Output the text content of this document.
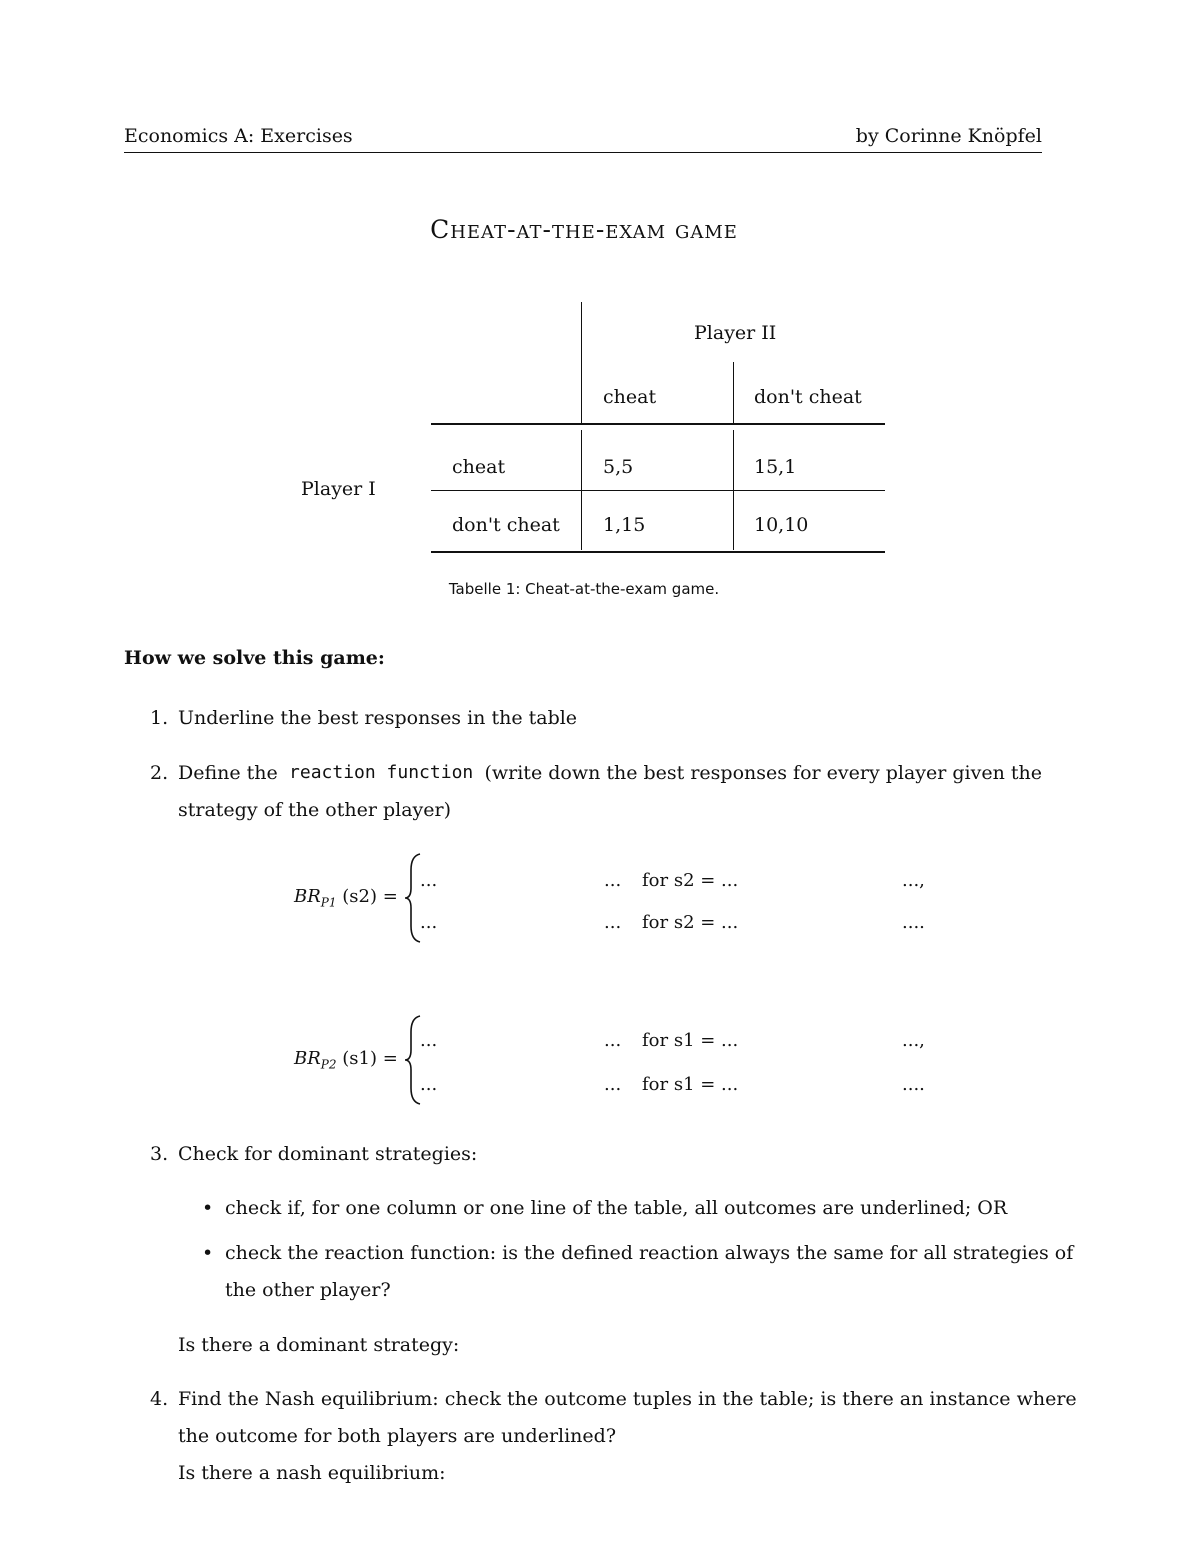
Economics A: Exercises	by Corinne Knöpfel
Cheat-at-the-exam game
Player II
cheat	don't cheat
Player I
cheat	5,5	15,1
don't cheat 1,15	10,10
Tabelle 1: Cheat-at-the-exam game.
How we solve this game:
1. Underline the best responses in the table
2. Define the reaction function (write down the best responses for every player given the
strategy of the other player)
$BR_{P1}$ (s2) =
...	... for s2 = ...	...,
...	... for s2 = ...	....
$BR_{P2}$ (s1) =
...	... for s1 = ...	...,
...	... for s1 = ...	....
3. Check for dominant strategies:
• check if, for one column or one line of the table, all outcomes are underlined; OR
• check the reaction function: is the defined reaction always the same for all strategies of
the other player?
Is there a dominant strategy:
4. Find the Nash equilibrium: check the outcome tuples in the table; is there an instance where
the outcome for both players are underlined?
Is there a nash equilibrium:
